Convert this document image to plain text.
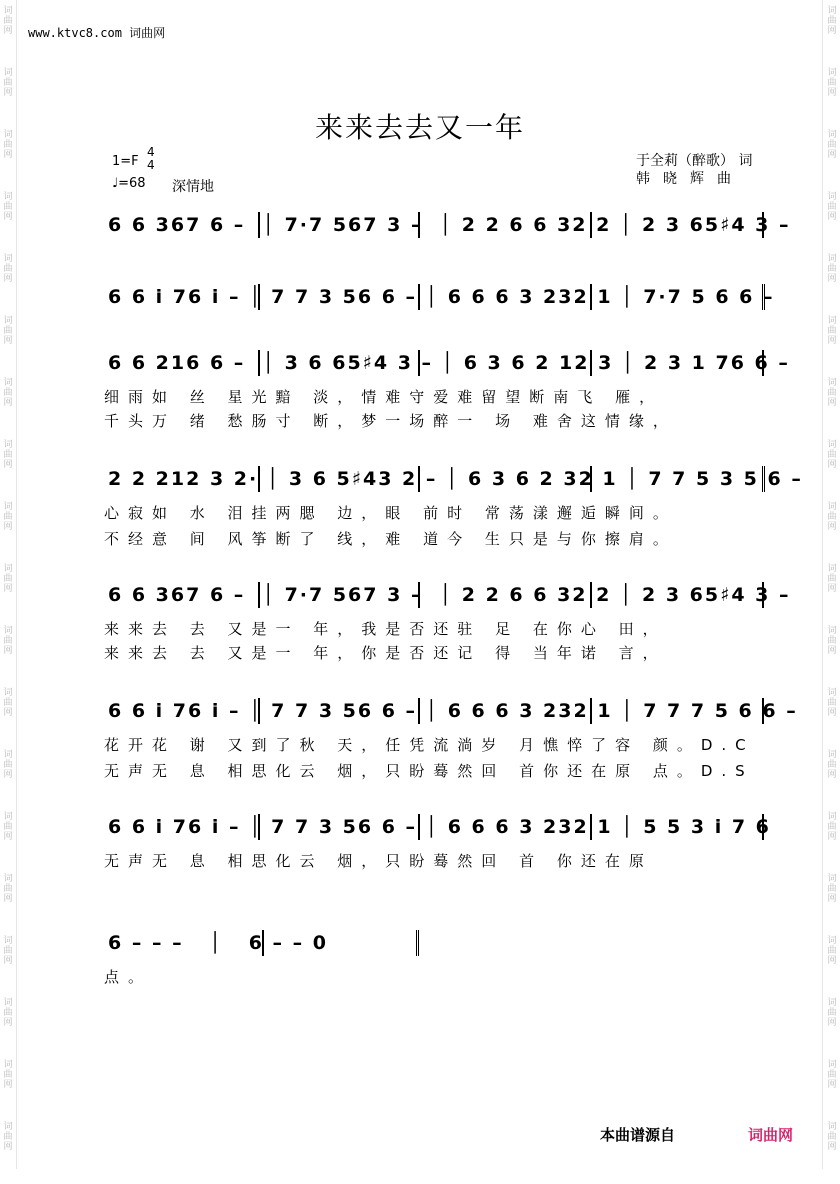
词
曲
网
词
曲
网
词
曲
网
词
曲
网
词
曲
网
词
曲
网
词
曲
网
词
曲
网
词
曲
网
词
曲
网
词
曲
网
词
曲
网
词
曲
网
词
曲
网
词
曲
网
词
曲
网
词
曲
网
词
曲
网
词
曲
网
词
曲
网
词
曲
网
词
曲
网
词
曲
网
词
曲
网
词
曲
网
词
曲
网
词
曲
网
词
曲
网
词
曲
网
词
曲
网
词
曲
网
词
曲
网
词
曲
网
词
曲
网
词
曲
网
词
曲
网
词
曲
网
词
曲
网
www.ktvc8.com 词曲网
来来去去又一年
1=F
4
4
♩=68 深情地
于全莉（醉歌） 词
韩晓辉曲
6 6 367 6 –  │ 7·7 567 3 –  │ 2 2 6 6 32 2 │ 2 3 65♯4 3 –
6 6 i 76 i – │ 7 7 3 56 6 – │ 6 6 6 3 232 1 │ 7·7 5 6 6 –
6 6 216 6 –  │ 3 6 65♯4 3 – │ 6 3 6 2 12 3 │ 2 3 1 76 6 –
细雨如 丝 星光黯 淡，情难守爱难留望断南飞 雁，
千头万 绪 愁肠寸 断，梦一场醉一 场 难舍这情缘，
2 2 212 3 2· │ 3 6 5♯43 2 – │ 6 3 6 2 32 1 │ 7 7 5 3 5 6 –
心寂如 水 泪挂两腮 边，眼 前时 常荡漾邂逅瞬间。
不经意 间 风筝断了 线，难 道今 生只是与你擦肩。
6 6 367 6 –  │ 7·7 567 3 –  │ 2 2 6 6 32 2 │ 2 3 65♯4 3 –
来来去 去 又是一 年，我是否还驻 足 在你心 田，
来来去 去 又是一 年，你是否还记 得 当年诺 言，
6 6 i 76 i – │ 7 7 3 56 6 – │ 6 6 6 3 232 1 │ 7 7 7 5 6 6 –
花开花 谢 又到了秋 天，任凭流淌岁 月憔悴了容 颜。D.C
无声无 息 相思化云 烟，只盼蓦然回 首你还在原 点。D.S
6 6 i 76 i – │ 7 7 3 56 6 – │ 6 6 6 3 232 1 │ 5 5 3 i 7 6
无声无 息 相思化云 烟，只盼蓦然回 首 你还在原
6 – – –   │   6 – – 0
点。
本曲谱源自	词曲网
